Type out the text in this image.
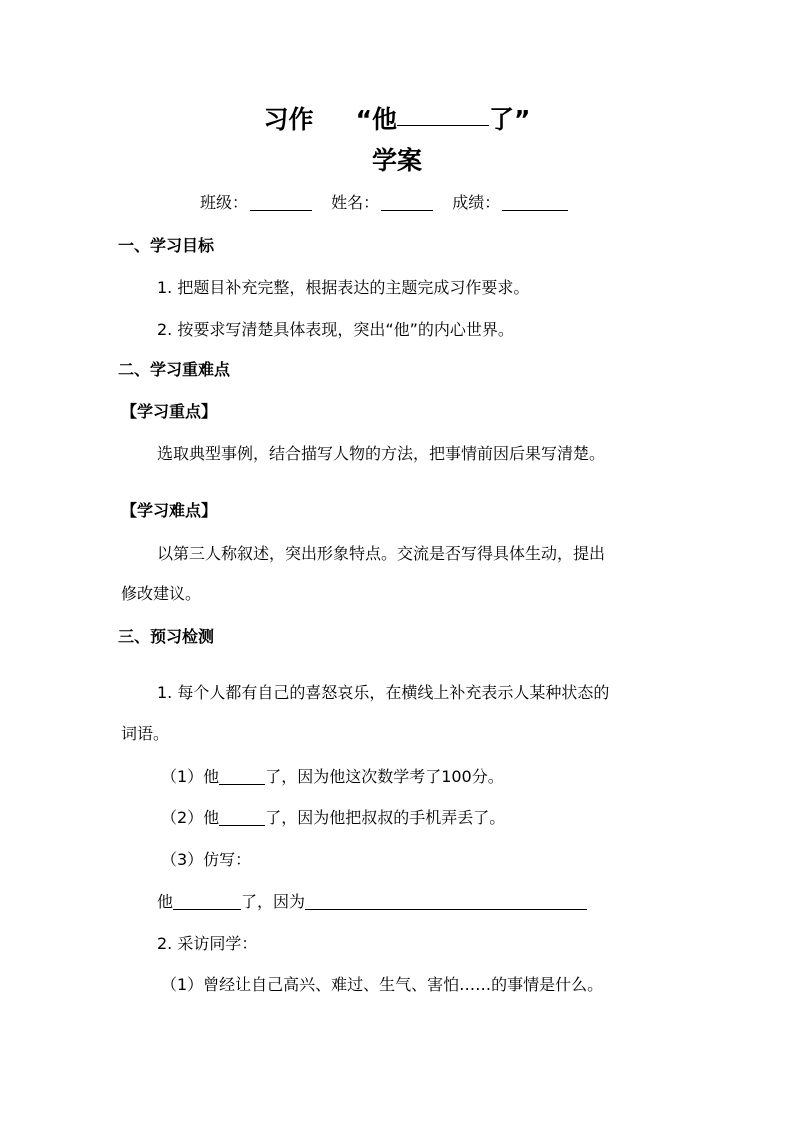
习作 “他	了”
学案
班级：	姓名：	成绩：
一、学习目标
1. 把题目补充完整，根据表达的主题完成习作要求。
2. 按要求写清楚具体表现，突出“他”的内心世界。
二、学习重难点
【学习重点】
选取典型事例，结合描写人物的方法，把事情前因后果写清楚。
【学习难点】
以第三人称叙述，突出形象特点。交流是否写得具体生动，提出
修改建议。
三、预习检测
1. 每个人都有自己的喜怒哀乐，在横线上补充表示人某种状态的
词语。
（1）他	了，因为他这次数学考了100分。
（2）他	了，因为他把叔叔的手机弄丢了。
（3）仿写：
他	了，因为
2. 采访同学：
（1）曾经让自己高兴、难过、生气、害怕……的事情是什么。
